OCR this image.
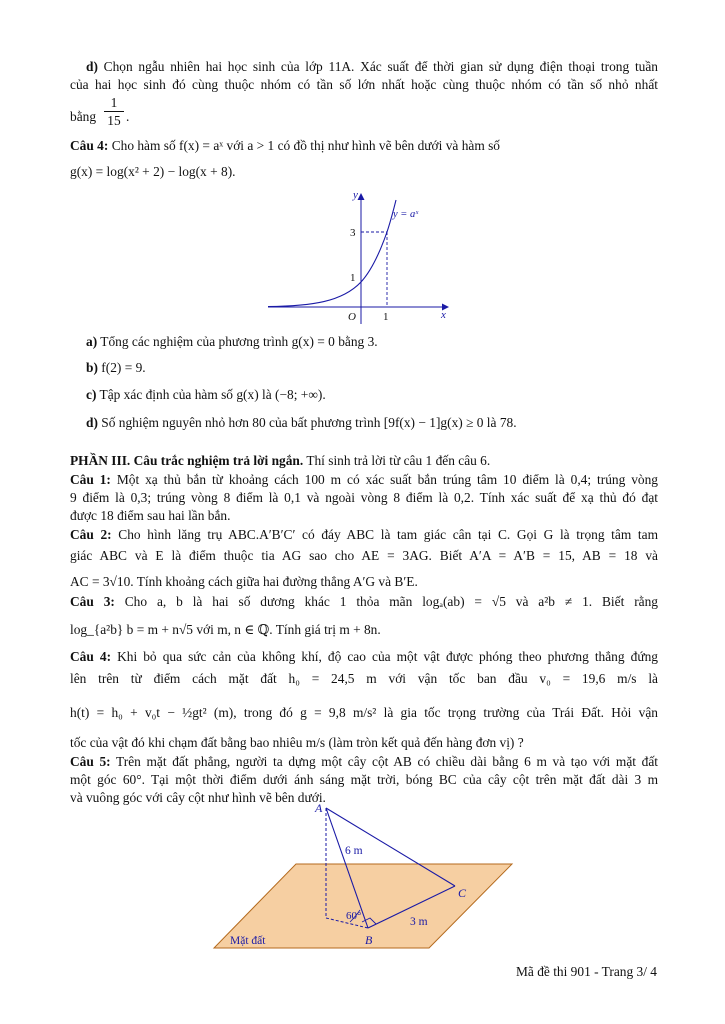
d) Chọn ngẫu nhiên hai học sinh của lớp 11A. Xác suất để thời gian sử dụng điện thoại trong tuần
của hai học sinh đó cùng thuộc nhóm có tần số lớn nhất hoặc cùng thuộc nhóm có tần số nhỏ nhất
bằng $\frac{1}{15}$ .
Câu 4: Cho hàm số f(x) = aˣ với a > 1 có đồ thị như hình vẽ bên dưới và hàm số
g(x) = log(x² + 2) − log(x + 8).
y
x
O
y = aˣ
3
1
1
a) Tổng các nghiệm của phương trình g(x) = 0 bằng 3.
b) f(2) = 9.
c) Tập xác định của hàm số g(x) là (−8; +∞).
d) Số nghiệm nguyên nhỏ hơn 80 của bất phương trình [9f(x) − 1]g(x) ≥ 0 là 78.
PHẦN III. Câu trắc nghiệm trả lời ngắn. Thí sinh trả lời từ câu 1 đến câu 6.
Câu 1: Một xạ thủ bắn từ khoảng cách 100 m có xác suất bắn trúng tâm 10 điểm là 0,4; trúng vòng
9 điểm là 0,3; trúng vòng 8 điểm là 0,1 và ngoài vòng 8 điểm là 0,2. Tính xác suất để xạ thủ đó đạt
được 18 điểm sau hai lần bắn.
Câu 2: Cho hình lăng trụ ABC.A′B′C′ có đáy ABC là tam giác cân tại C. Gọi G là trọng tâm tam
giác ABC và E là điểm thuộc tia AG sao cho AE = 3AG. Biết A′A = A′B = 15, AB = 18 và
AC = 3√10. Tính khoảng cách giữa hai đường thẳng A′G và B′E.
Câu 3: Cho a, b là hai số dương khác 1 thỏa mãn logₐ(ab) = √5 và a²b ≠ 1. Biết rằng
log_{a²b} b = m + n√5 với m, n ∈ ℚ. Tính giá trị m + 8n.
Câu 4: Khi bỏ qua sức cản của không khí, độ cao của một vật được phóng theo phương thẳng đứng
lên trên từ điểm cách mặt đất h₀ = 24,5 m với vận tốc ban đầu v₀ = 19,6 m/s là
h(t) = h₀ + v₀t − ½gt² (m), trong đó g = 9,8 m/s² là gia tốc trọng trường của Trái Đất. Hỏi vận
tốc của vật đó khi chạm đất bằng bao nhiêu m/s (làm tròn kết quả đến hàng đơn vị) ?
Câu 5: Trên mặt đất phẳng, người ta dựng một cây cột AB có chiều dài bằng 6 m và tạo với mặt đất
một góc 60°. Tại một thời điểm dưới ánh sáng mặt trời, bóng BC của cây cột trên mặt đất dài 3 m
và vuông góc với cây cột như hình vẽ bên dưới.
A
B
C
6 m
3 m
60°
Mặt đất
Mã đề thi 901 - Trang 3/ 4
